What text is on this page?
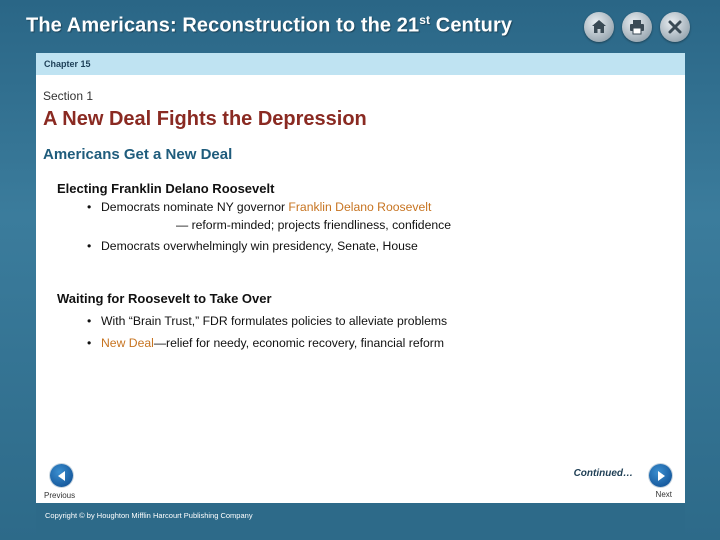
The Americans: Reconstruction to the 21st Century
Chapter 15
Section 1
A New Deal Fights the Depression
Americans Get a New Deal
Electing Franklin Delano Roosevelt
• Democrats nominate NY governor Franklin Delano Roosevelt
— reform-minded; projects friendliness, confidence
• Democrats overwhelmingly win presidency, Senate, House
Waiting for Roosevelt to Take Over
• With “Brain Trust,” FDR formulates policies to alleviate problems
• New Deal—relief for needy, economic recovery, financial reform
Continued…
Previous	Next
Copyright © by Houghton Mifflin Harcourt Publishing Company
